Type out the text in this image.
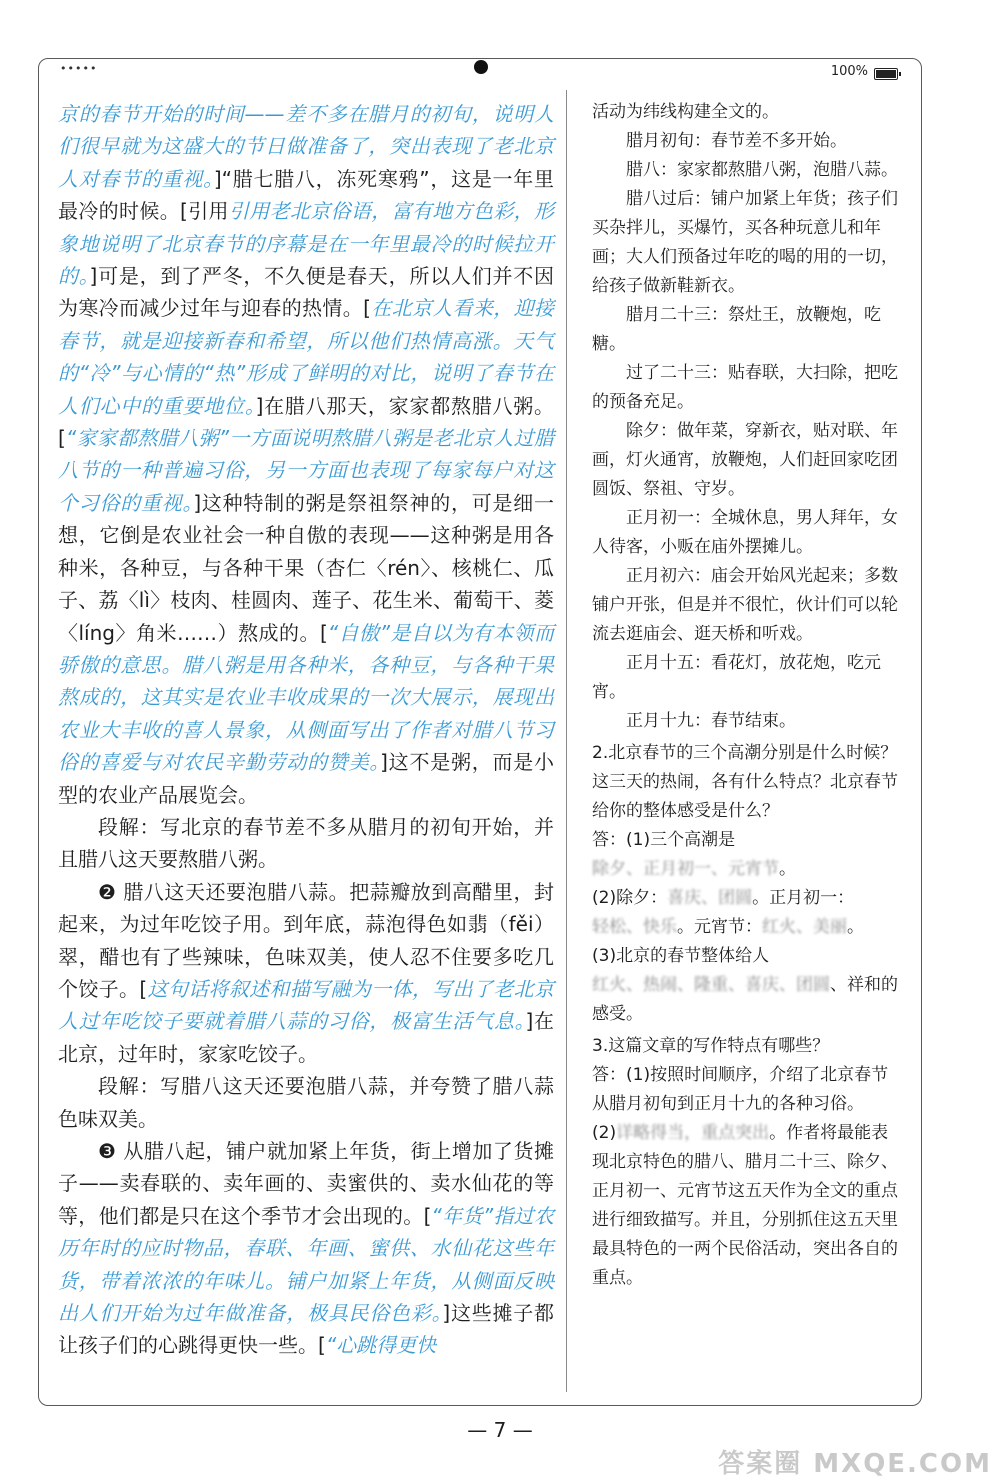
•••••	100%

京的春节开始的时间——差不多在腊月的初旬，说明人们很早就为这盛大的节日做准备了，突出表现了老北京人对春节的重视。]“腊七腊八，冻死寒鸦”，这是一年里最冷的时候。[引用引用老北京俗语，富有地方色彩，形象地说明了北京春节的序幕是在一年里最冷的时候拉开的。]可是，到了严冬，不久便是春天，所以人们并不因为寒冷而减少过年与迎春的热情。[在北京人看来，迎接春节，就是迎接新春和希望，所以他们热情高涨。天气的“冷”与心情的“热”形成了鲜明的对比，说明了春节在人们心中的重要地位。]在腊八那天，家家都熬腊八粥。[“家家都熬腊八粥”一方面说明熬腊八粥是老北京人过腊八节的一种普遍习俗，另一方面也表现了每家每户对这个习俗的重视。]这种特制的粥是祭祖祭神的，可是细一想，它倒是农业社会一种自傲的表现——这种粥是用各种米，各种豆，与各种干果（杏仁〈rén〉、核桃仁、瓜子、荔〈lì〉枝肉、桂圆肉、莲子、花生米、葡萄干、菱〈líng〉角米……）熬成的。[“自傲”是自以为有本领而骄傲的意思。腊八粥是用各种米，各种豆，与各种干果熬成的，这其实是农业丰收成果的一次大展示，展现出农业大丰收的喜人景象，从侧面写出了作者对腊八节习俗的喜爱与对农民辛勤劳动的赞美。]这不是粥，而是小型的农业产品展览会。

段解：写北京的春节差不多从腊月的初旬开始，并且腊八这天要熬腊八粥。

❷ 腊八这天还要泡腊八蒜。把蒜瓣放到高醋里，封起来，为过年吃饺子用。到年底，蒜泡得色如翡（fěi）翠，醋也有了些辣味，色味双美，使人忍不住要多吃几个饺子。[这句话将叙述和描写融为一体，写出了老北京人过年吃饺子要就着腊八蒜的习俗，极富生活气息。]在北京，过年时，家家吃饺子。

段解：写腊八这天还要泡腊八蒜，并夸赞了腊八蒜色味双美。

❸ 从腊八起，铺户就加紧上年货，街上增加了货摊子——卖春联的、卖年画的、卖蜜供的、卖水仙花的等等，他们都是只在这个季节才会出现的。[“年货”指过农历年时的应时物品，春联、年画、蜜供、水仙花这些年货，带着浓浓的年味儿。铺户加紧上年货，从侧面反映出人们开始为过年做准备，极具民俗色彩。]这些摊子都让孩子们的心跳得更快一些。[“心跳得更快

活动为纬线构建全文的。

腊月初旬：春节差不多开始。

腊八：家家都熬腊八粥，泡腊八蒜。

腊八过后：铺户加紧上年货；孩子们买杂拌儿，买爆竹，买各种玩意儿和年画；大人们预备过年吃的喝的用的一切，给孩子做新鞋新衣。

腊月二十三：祭灶王，放鞭炮，吃糖。

过了二十三：贴春联，大扫除，把吃的预备充足。

除夕：做年菜，穿新衣，贴对联、年画，灯火通宵，放鞭炮，人们赶回家吃团圆饭、祭祖、守岁。

正月初一：全城休息，男人拜年，女人待客，小贩在庙外摆摊儿。

正月初六：庙会开始风光起来；多数铺户开张，但是并不很忙，伙计们可以轮流去逛庙会、逛天桥和听戏。

正月十五：看花灯，放花炮，吃元宵。

正月十九：春节结束。

2.北京春节的三个高潮分别是什么时候？这三天的热闹，各有什么特点？北京春节给你的整体感受是什么？

答：(1)三个高潮是除夕、正月初一、元宵节。

(2)除夕：喜庆、团圆。正月初一：轻松、快乐。元宵节：红火、美丽。

(3)北京的春节整体给人红火、热闹、隆重、喜庆、团圆、祥和的感受。

3.这篇文章的写作特点有哪些？

答：(1)按照时间顺序，介绍了北京春节从腊月初旬到正月十九的各种习俗。

(2)详略得当，重点突出。作者将最能表现北京特色的腊八、腊月二十三、除夕、正月初一、元宵节这五天作为全文的重点进行细致描写。并且，分别抓住这五天里最具特色的一两个民俗活动，突出各自的重点。

— 7 —
答案圈 MXQE.COM
